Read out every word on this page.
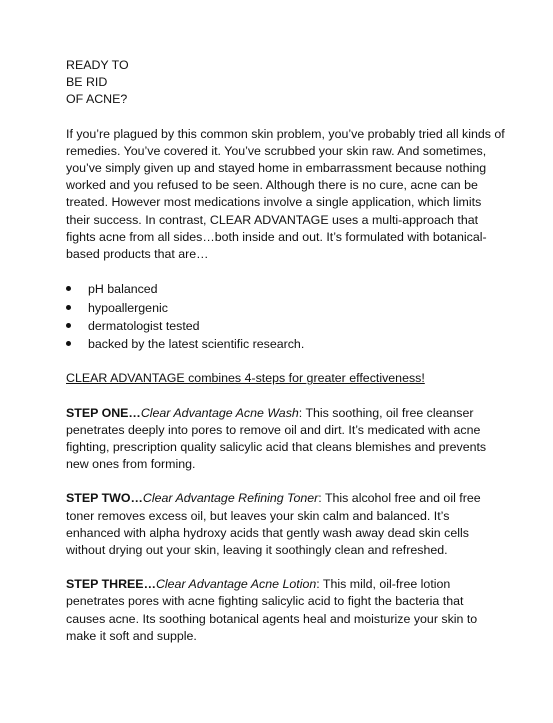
READY TO
BE RID
OF ACNE?
If you’re plagued by this common skin problem, you’ve probably tried all kinds of remedies. You’ve covered it. You’ve scrubbed your skin raw. And sometimes, you’ve simply given up and stayed home in embarrassment because nothing worked and you refused to be seen. Although there is no cure, acne can be treated. However most medications involve a single application, which limits their success. In contrast, CLEAR ADVANTAGE uses a multi-approach that fights acne from all sides…both inside and out. It’s formulated with botanical-based products that are…
pH balanced
hypoallergenic
dermatologist tested
backed by the latest scientific research.
CLEAR ADVANTAGE combines 4-steps for greater effectiveness!
STEP ONE…Clear Advantage Acne Wash: This soothing, oil free cleanser penetrates deeply into pores to remove oil and dirt. It’s medicated with acne fighting, prescription quality salicylic acid that cleans blemishes and prevents new ones from forming.
STEP TWO…Clear Advantage Refining Toner: This alcohol free and oil free toner removes excess oil, but leaves your skin calm and balanced. It’s enhanced with alpha hydroxy acids that gently wash away dead skin cells without drying out your skin, leaving it soothingly clean and refreshed.
STEP THREE…Clear Advantage Acne Lotion: This mild, oil-free lotion penetrates pores with acne fighting salicylic acid to fight the bacteria that causes acne. Its soothing botanical agents heal and moisturize your skin to make it soft and supple.
